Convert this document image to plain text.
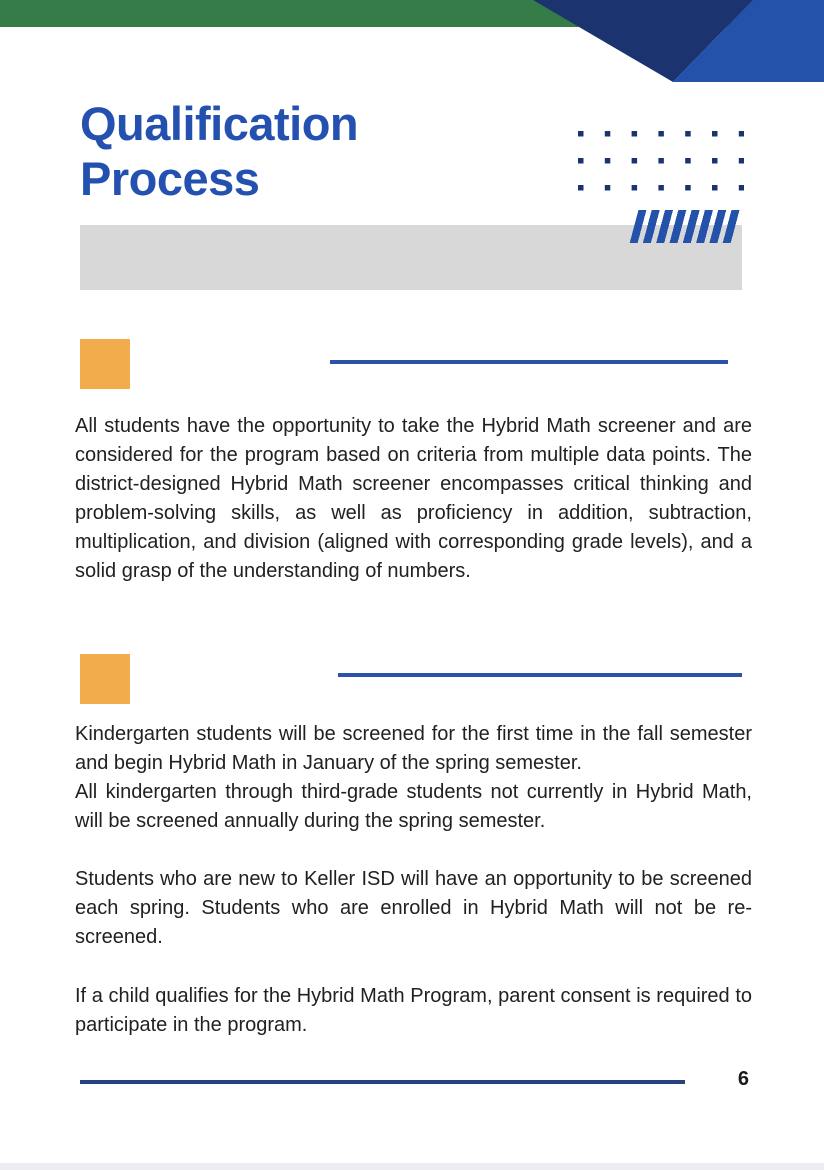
Qualification Process

All students have the opportunity to take the Hybrid Math screener and are considered for the program based on criteria from multiple data points. The district-designed Hybrid Math screener encompasses critical thinking and problem-solving skills, as well as proficiency in addition, subtraction, multiplication, and division (aligned with corresponding grade levels), and a solid grasp of the understanding of numbers.

Kindergarten students will be screened for the first time in the fall semester and begin Hybrid Math in January of the spring semester.

All kindergarten through third-grade students not currently in Hybrid Math, will be screened annually during the spring semester.

Students who are new to Keller ISD will have an opportunity to be screened each spring. Students who are enrolled in Hybrid Math will not be re-screened.

If a child qualifies for the Hybrid Math Program, parent consent is required to participate in the program.

6
